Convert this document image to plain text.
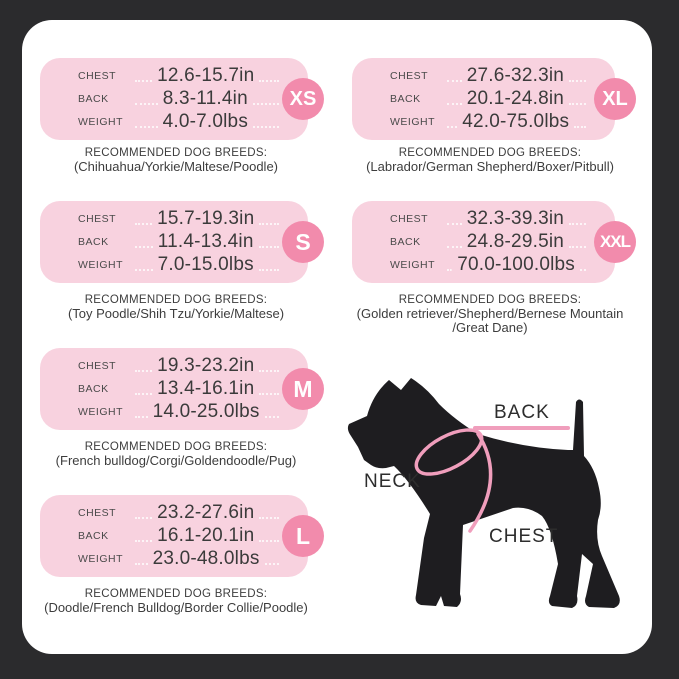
CHEST	12.6-15.7in
BACK	8.3-11.4in
WEIGHT	4.0-7.0lbs
XS
RECOMMENDED DOG BREEDS:
(Chihuahua/Yorkie/Maltese/Poodle)
CHEST	27.6-32.3in
BACK	20.1-24.8in
WEIGHT	42.0-75.0lbs
XL
RECOMMENDED DOG BREEDS:
(Labrador/German Shepherd/Boxer/Pitbull)
CHEST	15.7-19.3in
BACK	11.4-13.4in
WEIGHT	7.0-15.0lbs
S
RECOMMENDED DOG BREEDS:
(Toy Poodle/Shih Tzu/Yorkie/Maltese)
CHEST	32.3-39.3in
BACK	24.8-29.5in
WEIGHT	70.0-100.0lbs
XXL
RECOMMENDED DOG BREEDS:
(Golden retriever/Shepherd/Bernese Mountain
/Great Dane)
CHEST	19.3-23.2in
BACK	13.4-16.1in
WEIGHT	14.0-25.0lbs
M
RECOMMENDED DOG BREEDS:
(French bulldog/Corgi/Goldendoodle/Pug)
CHEST	23.2-27.6in
BACK	16.1-20.1in
WEIGHT	23.0-48.0lbs
L
RECOMMENDED DOG BREEDS:
(Doodle/French Bulldog/Border Collie/Poodle)
BACK
NECK
CHEST
